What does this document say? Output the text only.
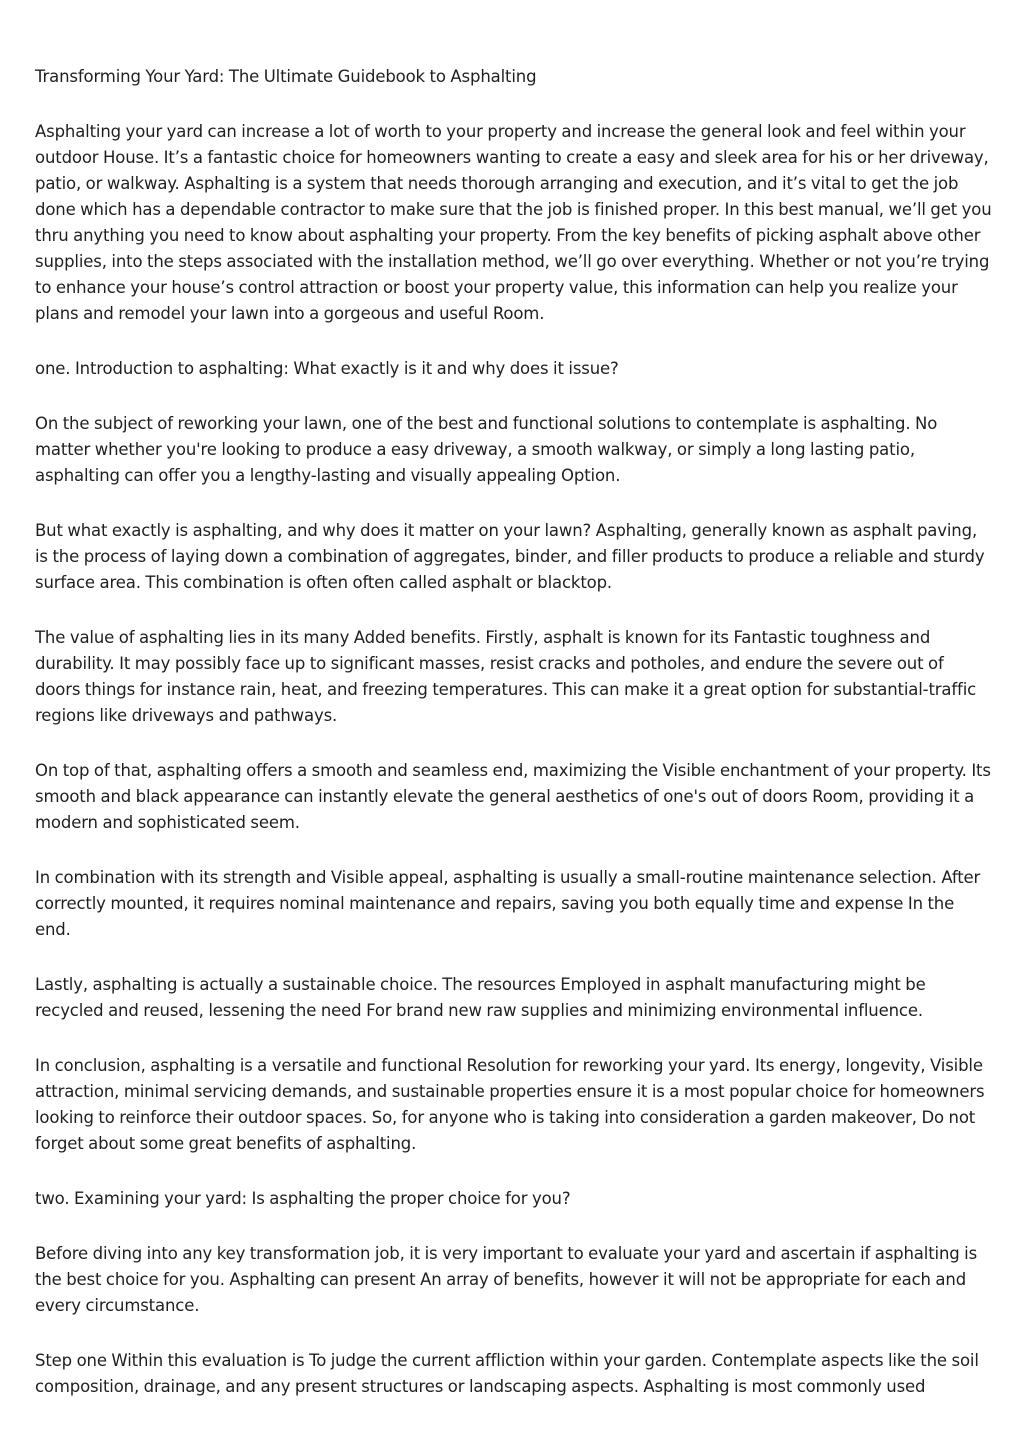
Transforming Your Yard: The Ultimate Guidebook to Asphalting

Asphalting your yard can increase a lot of worth to your property and increase the general look and feel within your outdoor House. It’s a fantastic choice for homeowners wanting to create a easy and sleek area for his or her driveway, patio, or walkway. Asphalting is a system that needs thorough arranging and execution, and it’s vital to get the job done which has a dependable contractor to make sure that the job is finished proper. In this best manual, we’ll get you thru anything you need to know about asphalting your property. From the key benefits of picking asphalt above other supplies, into the steps associated with the installation method, we’ll go over everything. Whether or not you’re trying to enhance your house’s control attraction or boost your property value, this information can help you realize your plans and remodel your lawn into a gorgeous and useful Room.

one. Introduction to asphalting: What exactly is it and why does it issue?

On the subject of reworking your lawn, one of the best and functional solutions to contemplate is asphalting. No matter whether you're looking to produce a easy driveway, a smooth walkway, or simply a long lasting patio, asphalting can offer you a lengthy-lasting and visually appealing Option.

But what exactly is asphalting, and why does it matter on your lawn? Asphalting, generally known as asphalt paving, is the process of laying down a combination of aggregates, binder, and filler products to produce a reliable and sturdy surface area. This combination is often often called asphalt or blacktop.

The value of asphalting lies in its many Added benefits. Firstly, asphalt is known for its Fantastic toughness and durability. It may possibly face up to significant masses, resist cracks and potholes, and endure the severe out of doors things for instance rain, heat, and freezing temperatures. This can make it a great option for substantial-traffic regions like driveways and pathways.

On top of that, asphalting offers a smooth and seamless end, maximizing the Visible enchantment of your property. Its smooth and black appearance can instantly elevate the general aesthetics of one's out of doors Room, providing it a modern and sophisticated seem.

In combination with its strength and Visible appeal, asphalting is usually a small-routine maintenance selection. After correctly mounted, it requires nominal maintenance and repairs, saving you both equally time and expense In the end.

Lastly, asphalting is actually a sustainable choice. The resources Employed in asphalt manufacturing might be recycled and reused, lessening the need For brand new raw supplies and minimizing environmental influence.

In conclusion, asphalting is a versatile and functional Resolution for reworking your yard. Its energy, longevity, Visible attraction, minimal servicing demands, and sustainable properties ensure it is a most popular choice for homeowners looking to reinforce their outdoor spaces. So, for anyone who is taking into consideration a garden makeover, Do not forget about some great benefits of asphalting.

two. Examining your yard: Is asphalting the proper choice for you?

Before diving into any key transformation job, it is very important to evaluate your yard and ascertain if asphalting is the best choice for you. Asphalting can present An array of benefits, however it will not be appropriate for each and every circumstance.

Step one Within this evaluation is To judge the current affliction within your garden. Contemplate aspects like the soil composition, drainage, and any present structures or landscaping aspects. Asphalting is most commonly used
